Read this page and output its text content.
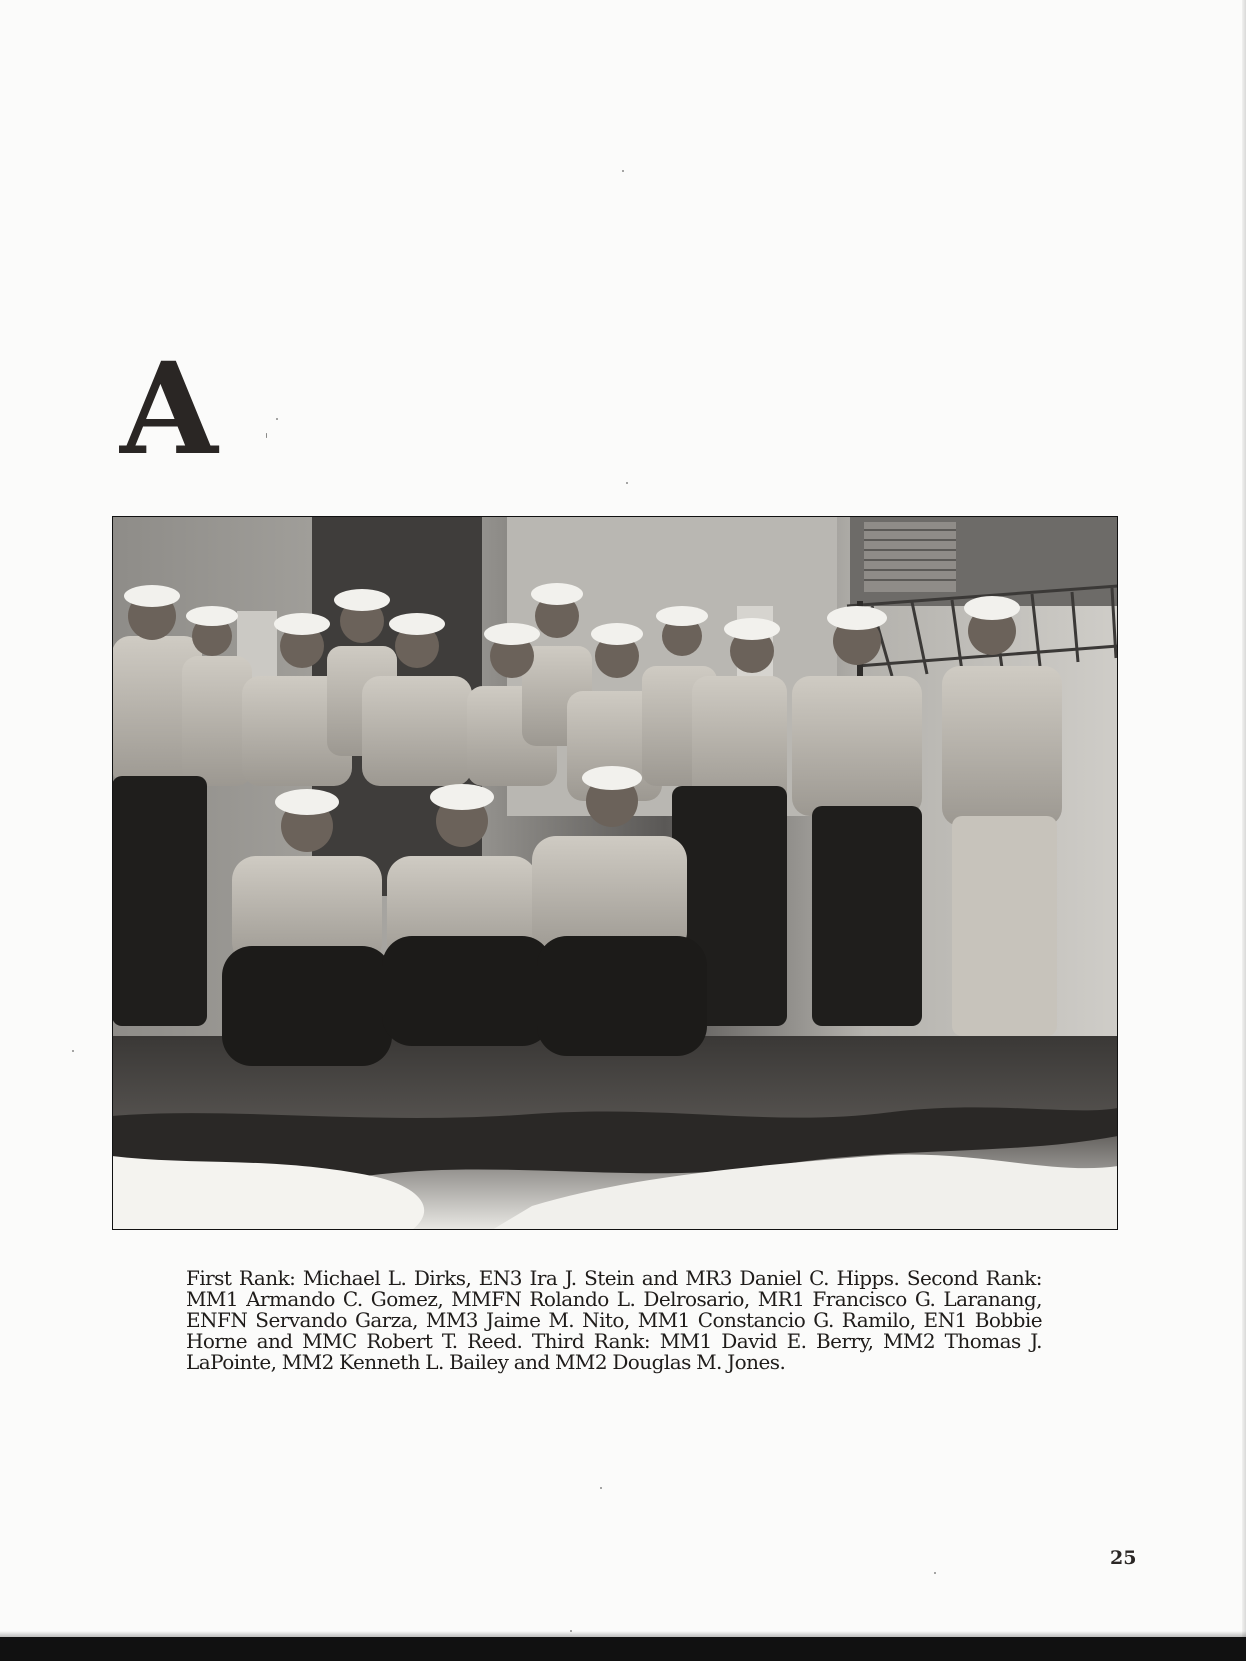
A

First Rank: Michael L. Dirks, EN3 Ira J. Stein and MR3 Daniel C. Hipps. Second Rank: MM1 Armando C. Gomez, MMFN Rolando L. Delrosario, MR1 Francisco G. Laranang, ENFN Servando Garza, MM3 Jaime M. Nito, MM1 Constancio G. Ramilo, EN1 Bobbie Horne and MMC Robert T. Reed. Third Rank: MM1 David E. Berry, MM2 Thomas J. LaPointe, MM2 Kenneth L. Bailey and MM2 Douglas M. Jones.

25
